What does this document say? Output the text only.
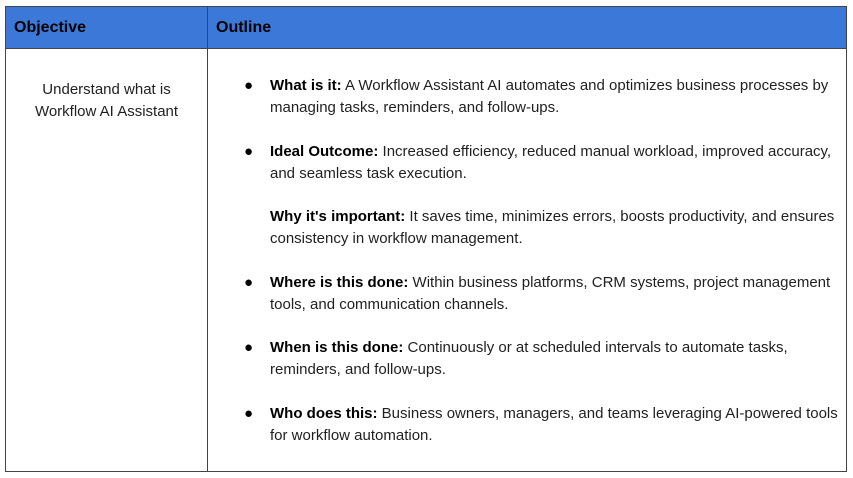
Objective	Outline
Understand what is Workflow AI Assistant
● What is it: A Workflow Assistant AI automates and optimizes business processes by managing tasks, reminders, and follow-ups.

● Ideal Outcome: Increased efficiency, reduced manual workload, improved accuracy, and seamless task execution.

Why it's important: It saves time, minimizes errors, boosts productivity, and ensures consistency in workflow management.

● Where is this done: Within business platforms, CRM systems, project management tools, and communication channels.

● When is this done: Continuously or at scheduled intervals to automate tasks, reminders, and follow-ups.

● Who does this: Business owners, managers, and teams leveraging AI-powered tools for workflow automation.
